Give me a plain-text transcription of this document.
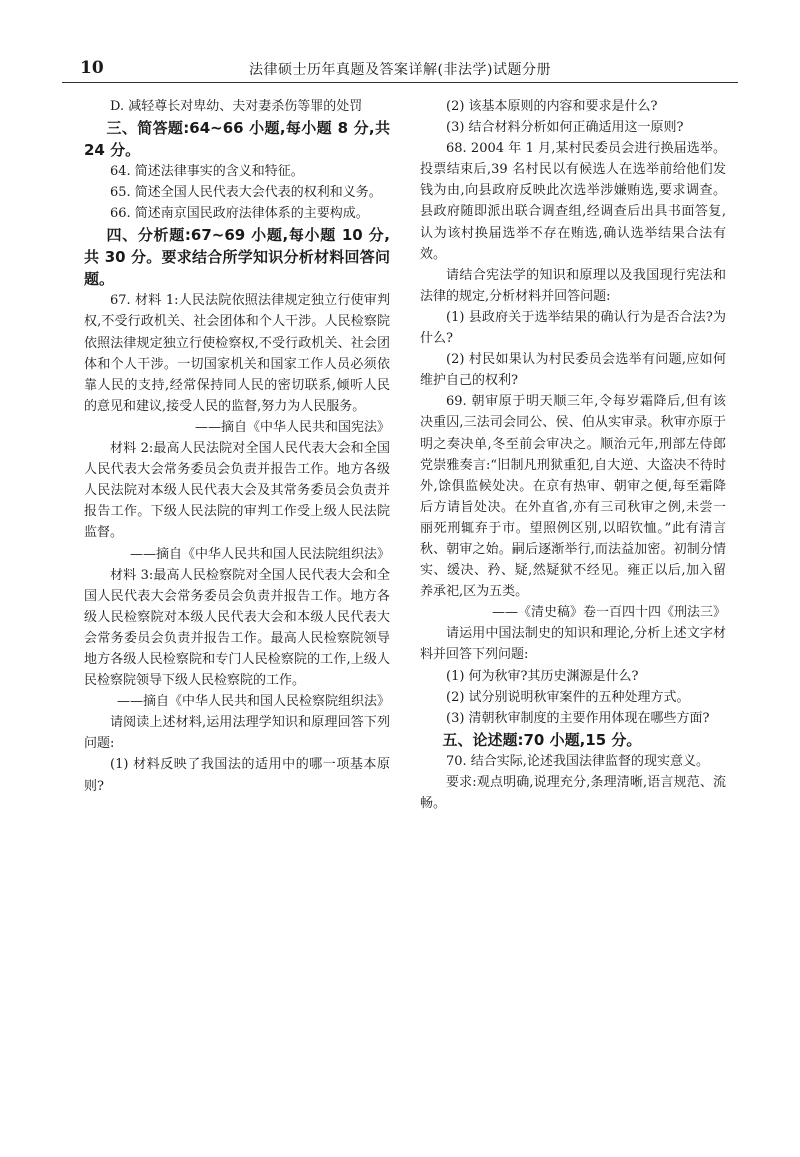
10	法律硕士历年真题及答案详解(非法学)试题分册

D. 减轻尊长对卑幼、夫对妻杀伤等罪的处罚

三、简答题:64~66 小题,每小题 8 分,共 24 分。

64. 简述法律事实的含义和特征。

65. 简述全国人民代表大会代表的权利和义务。

66. 简述南京国民政府法律体系的主要构成。

四、分析题:67~69 小题,每小题 10 分,共 30 分。要求结合所学知识分析材料回答问题。

67. 材料 1:人民法院依照法律规定独立行使审判权,不受行政机关、社会团体和个人干涉。人民检察院依照法律规定独立行使检察权,不受行政机关、社会团体和个人干涉。一切国家机关和国家工作人员必须依靠人民的支持,经常保持同人民的密切联系,倾听人民的意见和建议,接受人民的监督,努力为人民服务。

——摘自《中华人民共和国宪法》

材料 2:最高人民法院对全国人民代表大会和全国人民代表大会常务委员会负责并报告工作。地方各级人民法院对本级人民代表大会及其常务委员会负责并报告工作。下级人民法院的审判工作受上级人民法院监督。

——摘自《中华人民共和国人民法院组织法》

材料 3:最高人民检察院对全国人民代表大会和全国人民代表大会常务委员会负责并报告工作。地方各级人民检察院对本级人民代表大会和本级人民代表大会常务委员会负责并报告工作。最高人民检察院领导地方各级人民检察院和专门人民检察院的工作,上级人民检察院领导下级人民检察院的工作。

——摘自《中华人民共和国人民检察院组织法》

请阅读上述材料,运用法理学知识和原理回答下列问题:

(1) 材料反映了我国法的适用中的哪一项基本原则?

(2) 该基本原则的内容和要求是什么?

(3) 结合材料分析如何正确适用这一原则?

68. 2004 年 1 月,某村民委员会进行换届选举。投票结束后,39 名村民以有候选人在选举前给他们发钱为由,向县政府反映此次选举涉嫌贿选,要求调查。县政府随即派出联合调查组,经调查后出具书面答复,认为该村换届选举不存在贿选,确认选举结果合法有效。

请结合宪法学的知识和原理以及我国现行宪法和法律的规定,分析材料并回答问题:

(1) 县政府关于选举结果的确认行为是否合法?为什么?

(2) 村民如果认为村民委员会选举有问题,应如何维护自己的权利?

69. 朝审原于明天顺三年,令每岁霜降后,但有该决重囚,三法司会同公、侯、伯从实审录。秋审亦原于明之奏决单,冬至前会审决之。顺治元年,刑部左侍郎党崇雅奏言:“旧制凡刑狱重犯,自大逆、大盗决不待时外,馀俱监候处决。在京有热审、朝审之便,每至霜降后方请旨处决。在外直省,亦有三司秋审之例,未尝一丽死刑辄弃于市。望照例区别,以昭钦恤。”此有清言秋、朝审之始。嗣后逐渐举行,而法益加密。初制分情实、缓决、矜、疑,然疑狱不经见。雍正以后,加入留养承祀,区为五类。

——《清史稿》卷一百四十四《刑法三》

请运用中国法制史的知识和理论,分析上述文字材料并回答下列问题:

(1) 何为秋审?其历史渊源是什么?

(2) 试分别说明秋审案件的五种处理方式。

(3) 清朝秋审制度的主要作用体现在哪些方面?

五、论述题:70 小题,15 分。

70. 结合实际,论述我国法律监督的现实意义。

要求:观点明确,说理充分,条理清晰,语言规范、流畅。
